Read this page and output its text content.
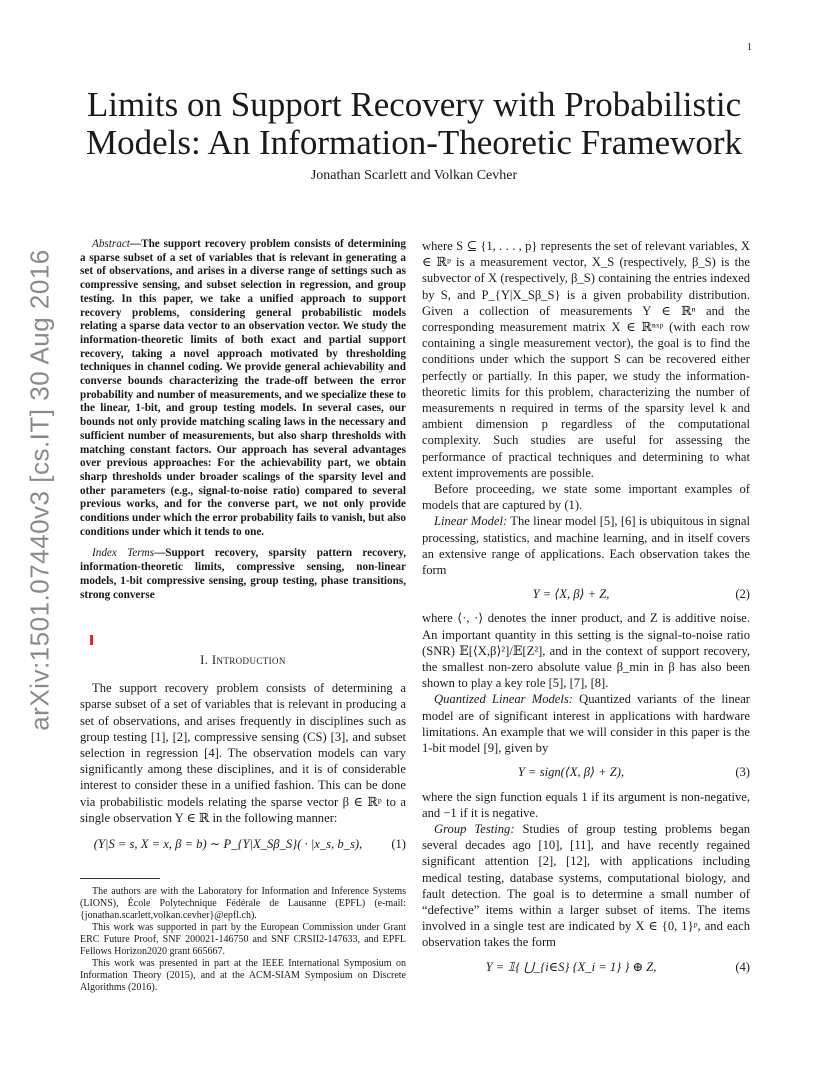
1
arXiv:1501.07440v3 [cs.IT] 30 Aug 2016
Limits on Support Recovery with Probabilistic
Models: An Information-Theoretic Framework
Jonathan Scarlett and Volkan Cevher

Abstract—The support recovery problem consists of determining a sparse subset of a set of variables that is relevant in generating a set of observations, and arises in a diverse range of settings such as compressive sensing, and subset selection in regression, and group testing. In this paper, we take a unified approach to support recovery problems, considering general probabilistic models relating a sparse data vector to an observation vector. We study the information-theoretic limits of both exact and partial support recovery, taking a novel approach motivated by thresholding techniques in channel coding. We provide general achievability and converse bounds characterizing the trade-off between the error probability and number of measurements, and we specialize these to the linear, 1-bit, and group testing models. In several cases, our bounds not only provide matching scaling laws in the necessary and sufficient number of measurements, but also sharp thresholds with matching constant factors. Our approach has several advantages over previous approaches: For the achievability part, we obtain sharp thresholds under broader scalings of the sparsity level and other parameters (e.g., signal-to-noise ratio) compared to several previous works, and for the converse part, we not only provide conditions under which the error probability fails to vanish, but also conditions under which it tends to one.

Index Terms—Support recovery, sparsity pattern recovery, information-theoretic limits, compressive sensing, non-linear models, 1-bit compressive sensing, group testing, phase transitions, strong converse

I. Introduction

The support recovery problem consists of determining a sparse subset of a set of variables that is relevant in producing a set of observations, and arises frequently in disciplines such as group testing [1], [2], compressive sensing (CS) [3], and subset selection in regression [4]. The observation models can vary significantly among these disciplines, and it is of considerable interest to consider these in a unified fashion. This can be done via probabilistic models relating the sparse vector β ∈ ℝᵖ to a single observation Y ∈ ℝ in the following manner:

(Y|S = s, X = x, β = b) ∼ P_{Y|X_Sβ_S}( · |x_s, b_s),	(1)

The authors are with the Laboratory for Information and Inference Systems (LIONS), École Polytechnique Fédérale de Lausanne (EPFL) (e-mail: {jonathan.scarlett,volkan.cevher}@epfl.ch).

This work was supported in part by the European Commission under Grant ERC Future Proof, SNF 200021-146750 and SNF CRSII2-147633, and EPFL Fellows Horizon2020 grant 665667.

This work was presented in part at the IEEE International Symposium on Information Theory (2015), and at the ACM-SIAM Symposium on Discrete Algorithms (2016).

where S ⊆ {1, . . . , p} represents the set of relevant variables, X ∈ ℝᵖ is a measurement vector, X_S (respectively, β_S) is the subvector of X (respectively, β_S) containing the entries indexed by S, and P_{Y|X_Sβ_S} is a given probability distribution. Given a collection of measurements Y ∈ ℝⁿ and the corresponding measurement matrix X ∈ ℝⁿˣᵖ (with each row containing a single measurement vector), the goal is to find the conditions under which the support S can be recovered either perfectly or partially. In this paper, we study the information-theoretic limits for this problem, characterizing the number of measurements n required in terms of the sparsity level k and ambient dimension p regardless of the computational complexity. Such studies are useful for assessing the performance of practical techniques and determining to what extent improvements are possible.

Before proceeding, we state some important examples of models that are captured by (1).

Linear Model: The linear model [5], [6] is ubiquitous in signal processing, statistics, and machine learning, and in itself covers an extensive range of applications. Each observation takes the form

Y = ⟨X, β⟩ + Z,	(2)

where ⟨·, ·⟩ denotes the inner product, and Z is additive noise. An important quantity in this setting is the signal-to-noise ratio (SNR) 𝔼[⟨X,β⟩²]/𝔼[Z²], and in the context of support recovery, the smallest non-zero absolute value β_min in β has also been shown to play a key role [5], [7], [8].

Quantized Linear Models: Quantized variants of the linear model are of significant interest in applications with hardware limitations. An example that we will consider in this paper is the 1-bit model [9], given by

Y = sign(⟨X, β⟩ + Z),	(3)

where the sign function equals 1 if its argument is non-negative, and −1 if it is negative.

Group Testing: Studies of group testing problems began several decades ago [10], [11], and have recently regained significant attention [2], [12], with applications including medical testing, database systems, computational biology, and fault detection. The goal is to determine a small number of “defective” items within a larger subset of items. The items involved in a single test are indicated by X ∈ {0, 1}ᵖ, and each observation takes the form

Y = 𝟙{ ⋃_{i∈S} {X_i = 1} } ⊕ Z,	(4)
